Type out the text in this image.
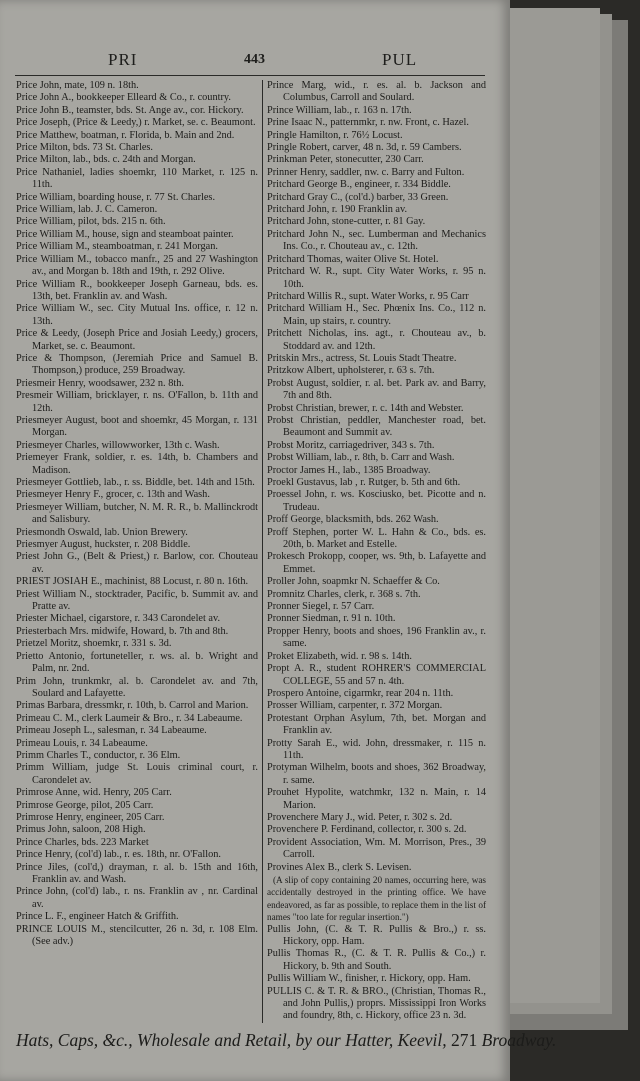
PRI	443	PUL

Price John, mate, 109 n. 18th.

Price John A., bookkeeper Elleard & Co., r. country.

Price John B., teamster, bds. St. Ange av., cor. Hickory.

Price Joseph, (Price & Leedy,) r. Market, se. c. Beaumont.

Price Matthew, boatman, r. Florida, b. Main and 2nd.

Price Milton, bds. 73 St. Charles.

Price Milton, lab., bds. c. 24th and Morgan.

Price Nathaniel, ladies shoemkr, 110 Market, r. 125 n. 11th.

Price William, boarding house, r. 77 St. Charles.

Price William, lab. J. C. Cameron.

Price William, pilot, bds. 215 n. 6th.

Price William M., house, sign and steamboat painter.

Price William M., steamboatman, r. 241 Morgan.

Price William M., tobacco manfr., 25 and 27 Washington av., and Morgan b. 18th and 19th, r. 292 Olive.

Price William R., bookkeeper Joseph Garneau, bds. es. 13th, bet. Franklin av. and Wash.

Price William W., sec. City Mutual Ins. office, r. 12 n. 13th.

Price & Leedy, (Joseph Price and Josiah Leedy,) grocers, Market, se. c. Beaumont.

Price & Thompson, (Jeremiah Price and Samuel B. Thompson,) produce, 259 Broadway.

Priesmeir Henry, woodsawer, 232 n. 8th.

Presmeir William, bricklayer, r. ns. O'Fallon, b. 11th and 12th.

Priesmeyer August, boot and shoemkr, 45 Morgan, r. 131 Morgan.

Priesmeyer Charles, willowworker, 13th c. Wash.

Priemeyer Frank, soldier, r. es. 14th, b. Chambers and Madison.

Priesmeyer Gottlieb, lab., r. ss. Biddle, bet. 14th and 15th.

Priesmeyer Henry F., grocer, c. 13th and Wash.

Priesmeyer William, butcher, N. M. R. R., b. Mallinckrodt and Salisbury.

Priesmondh Oswald, lab. Union Brewery.

Priesmyer August, huckster, r. 208 Biddle.

Priest John G., (Belt & Priest,) r. Barlow, cor. Chouteau av.

PRIEST JOSIAH E., machinist, 88 Locust, r. 80 n. 16th.

Priest William N., stocktrader, Pacific, b. Summit av. and Pratte av.

Priester Michael, cigarstore, r. 343 Carondelet av.

Priesterbach Mrs. midwife, Howard, b. 7th and 8th.

Prietzel Moritz, shoemkr, r. 331 s. 3d.

Prietto Antonio, fortuneteller, r. ws. al. b. Wright and Palm, nr. 2nd.

Prim John, trunkmkr, al. b. Carondelet av. and 7th, Soulard and Lafayette.

Primas Barbara, dressmkr, r. 10th, b. Carrol and Marion.

Primeau C. M., clerk Laumeir & Bro., r. 34 Labeaume.

Primeau Joseph L., salesman, r. 34 Labeaume.

Primeau Louis, r. 34 Labeaume.

Primm Charles T., conductor, r. 36 Elm.

Primm William, judge St. Louis criminal court, r. Carondelet av.

Primrose Anne, wid. Henry, 205 Carr.

Primrose George, pilot, 205 Carr.

Primrose Henry, engineer, 205 Carr.

Primus John, saloon, 208 High.

Prince Charles, bds. 223 Market

Prince Henry, (col'd) lab., r. es. 18th, nr. O'Fallon.

Prince Jiles, (col'd,) drayman, r. al. b. 15th and 16th, Franklin av. and Wash.

Prince John, (col'd) lab., r. ns. Franklin av , nr. Cardinal av.

Prince L. F., engineer Hatch & Griffith.

PRINCE LOUIS M., stencilcutter, 26 n. 3d, r. 108 Elm. (See adv.)

Prince Marg, wid., r. es. al. b. Jackson and Columbus, Carroll and Soulard.

Prince William, lab., r. 163 n. 17th.

Prine Isaac N., patternmkr, r. nw. Front, c. Hazel.

Pringle Hamilton, r. 76½ Locust.

Pringle Robert, carver, 48 n. 3d, r. 59 Cambers.

Prinkman Peter, stonecutter, 230 Carr.

Prinner Henry, saddler, nw. c. Barry and Fulton.

Pritchard George B., engineer, r. 334 Biddle.

Pritchard Gray C., (col'd.) barber, 33 Green.

Pritchard John, r. 190 Franklin av.

Pritchard John, stone-cutter, r. 81 Gay.

Pritchard John N., sec. Lumberman and Mechanics Ins. Co., r. Chouteau av., c. 12th.

Pritchard Thomas, waiter Olive St. Hotel.

Pritchard W. R., supt. City Water Works, r. 95 n. 10th.

Pritchard Willis R., supt. Water Works, r. 95 Carr

Pritchard William H., Sec. Phœnix Ins. Co., 112 n. Main, up stairs, r. country.

Pritchett Nicholas, ins. agt., r. Chouteau av., b. Stoddard av. and 12th.

Pritskin Mrs., actress, St. Louis Stadt Theatre.

Pritzkow Albert, upholsterer, r. 63 s. 7th.

Probst August, soldier, r. al. bet. Park av. and Barry, 7th and 8th.

Probst Christian, brewer, r. c. 14th and Webster.

Probst Christian, peddler, Manchester road, bet. Beaumont and Summit av.

Probst Moritz, carriagedriver, 343 s. 7th.

Probst William, lab., r. 8th, b. Carr and Wash.

Proctor James H., lab., 1385 Broadway.

Proekl Gustavus, lab , r. Rutger, b. 5th and 6th.

Proessel John, r. ws. Kosciusko, bet. Picotte and n. Trudeau.

Proff George, blacksmith, bds. 262 Wash.

Proff Stephen, porter W. L. Hahn & Co., bds. es. 20th, b. Market and Estelle.

Prokesch Prokopp, cooper, ws. 9th, b. Lafayette and Emmet.

Proller John, soapmkr N. Schaeffer & Co.

Promnitz Charles, clerk, r. 368 s. 7th.

Pronner Siegel, r. 57 Carr.

Pronner Siedman, r. 91 n. 10th.

Propper Henry, boots and shoes, 196 Franklin av., r. same.

Proket Elizabeth, wid. r. 98 s. 14th.

Propt A. R., student ROHRER'S COMMERCIAL COLLEGE, 55 and 57 n. 4th.

Prospero Antoine, cigarmkr, rear 204 n. 11th.

Prosser William, carpenter, r. 372 Morgan.

Protestant Orphan Asylum, 7th, bet. Morgan and Franklin av.

Protty Sarah E., wid. John, dressmaker, r. 115 n. 11th.

Protyman Wilhelm, boots and shoes, 362 Broadway, r. same.

Prouhet Hypolite, watchmkr, 132 n. Main, r. 14 Marion.

Provenchere Mary J., wid. Peter, r. 302 s. 2d.

Provenchere P. Ferdinand, collector, r. 300 s. 2d.

Provident Association, Wm. M. Morrison, Pres., 39 Carroll.

Provines Alex B., clerk S. Levisen.

(A slip of copy containing 20 names, occurring here, was accidentally destroyed in the printing office. We have endeavored, as far as possible, to replace them in the list of names "too late for regular insertion.")

Pullis John, (C. & T. R. Pullis & Bro.,) r. ss. Hickory, opp. Ham.

Pullis Thomas R., (C. & T. R. Pullis & Co.,) r. Hickory, b. 9th and South.

Pullis William W., finisher, r. Hickory, opp. Ham.

PULLIS C. & T. R. & BRO., (Christian, Thomas R., and John Pullis,) proprs. Mississippi Iron Works and foundry, 8th, c. Hickory, office 23 n. 3d.

Hats, Caps, &c., Wholesale and Retail, by our Hatter, Keevil, 271 Broadway.
